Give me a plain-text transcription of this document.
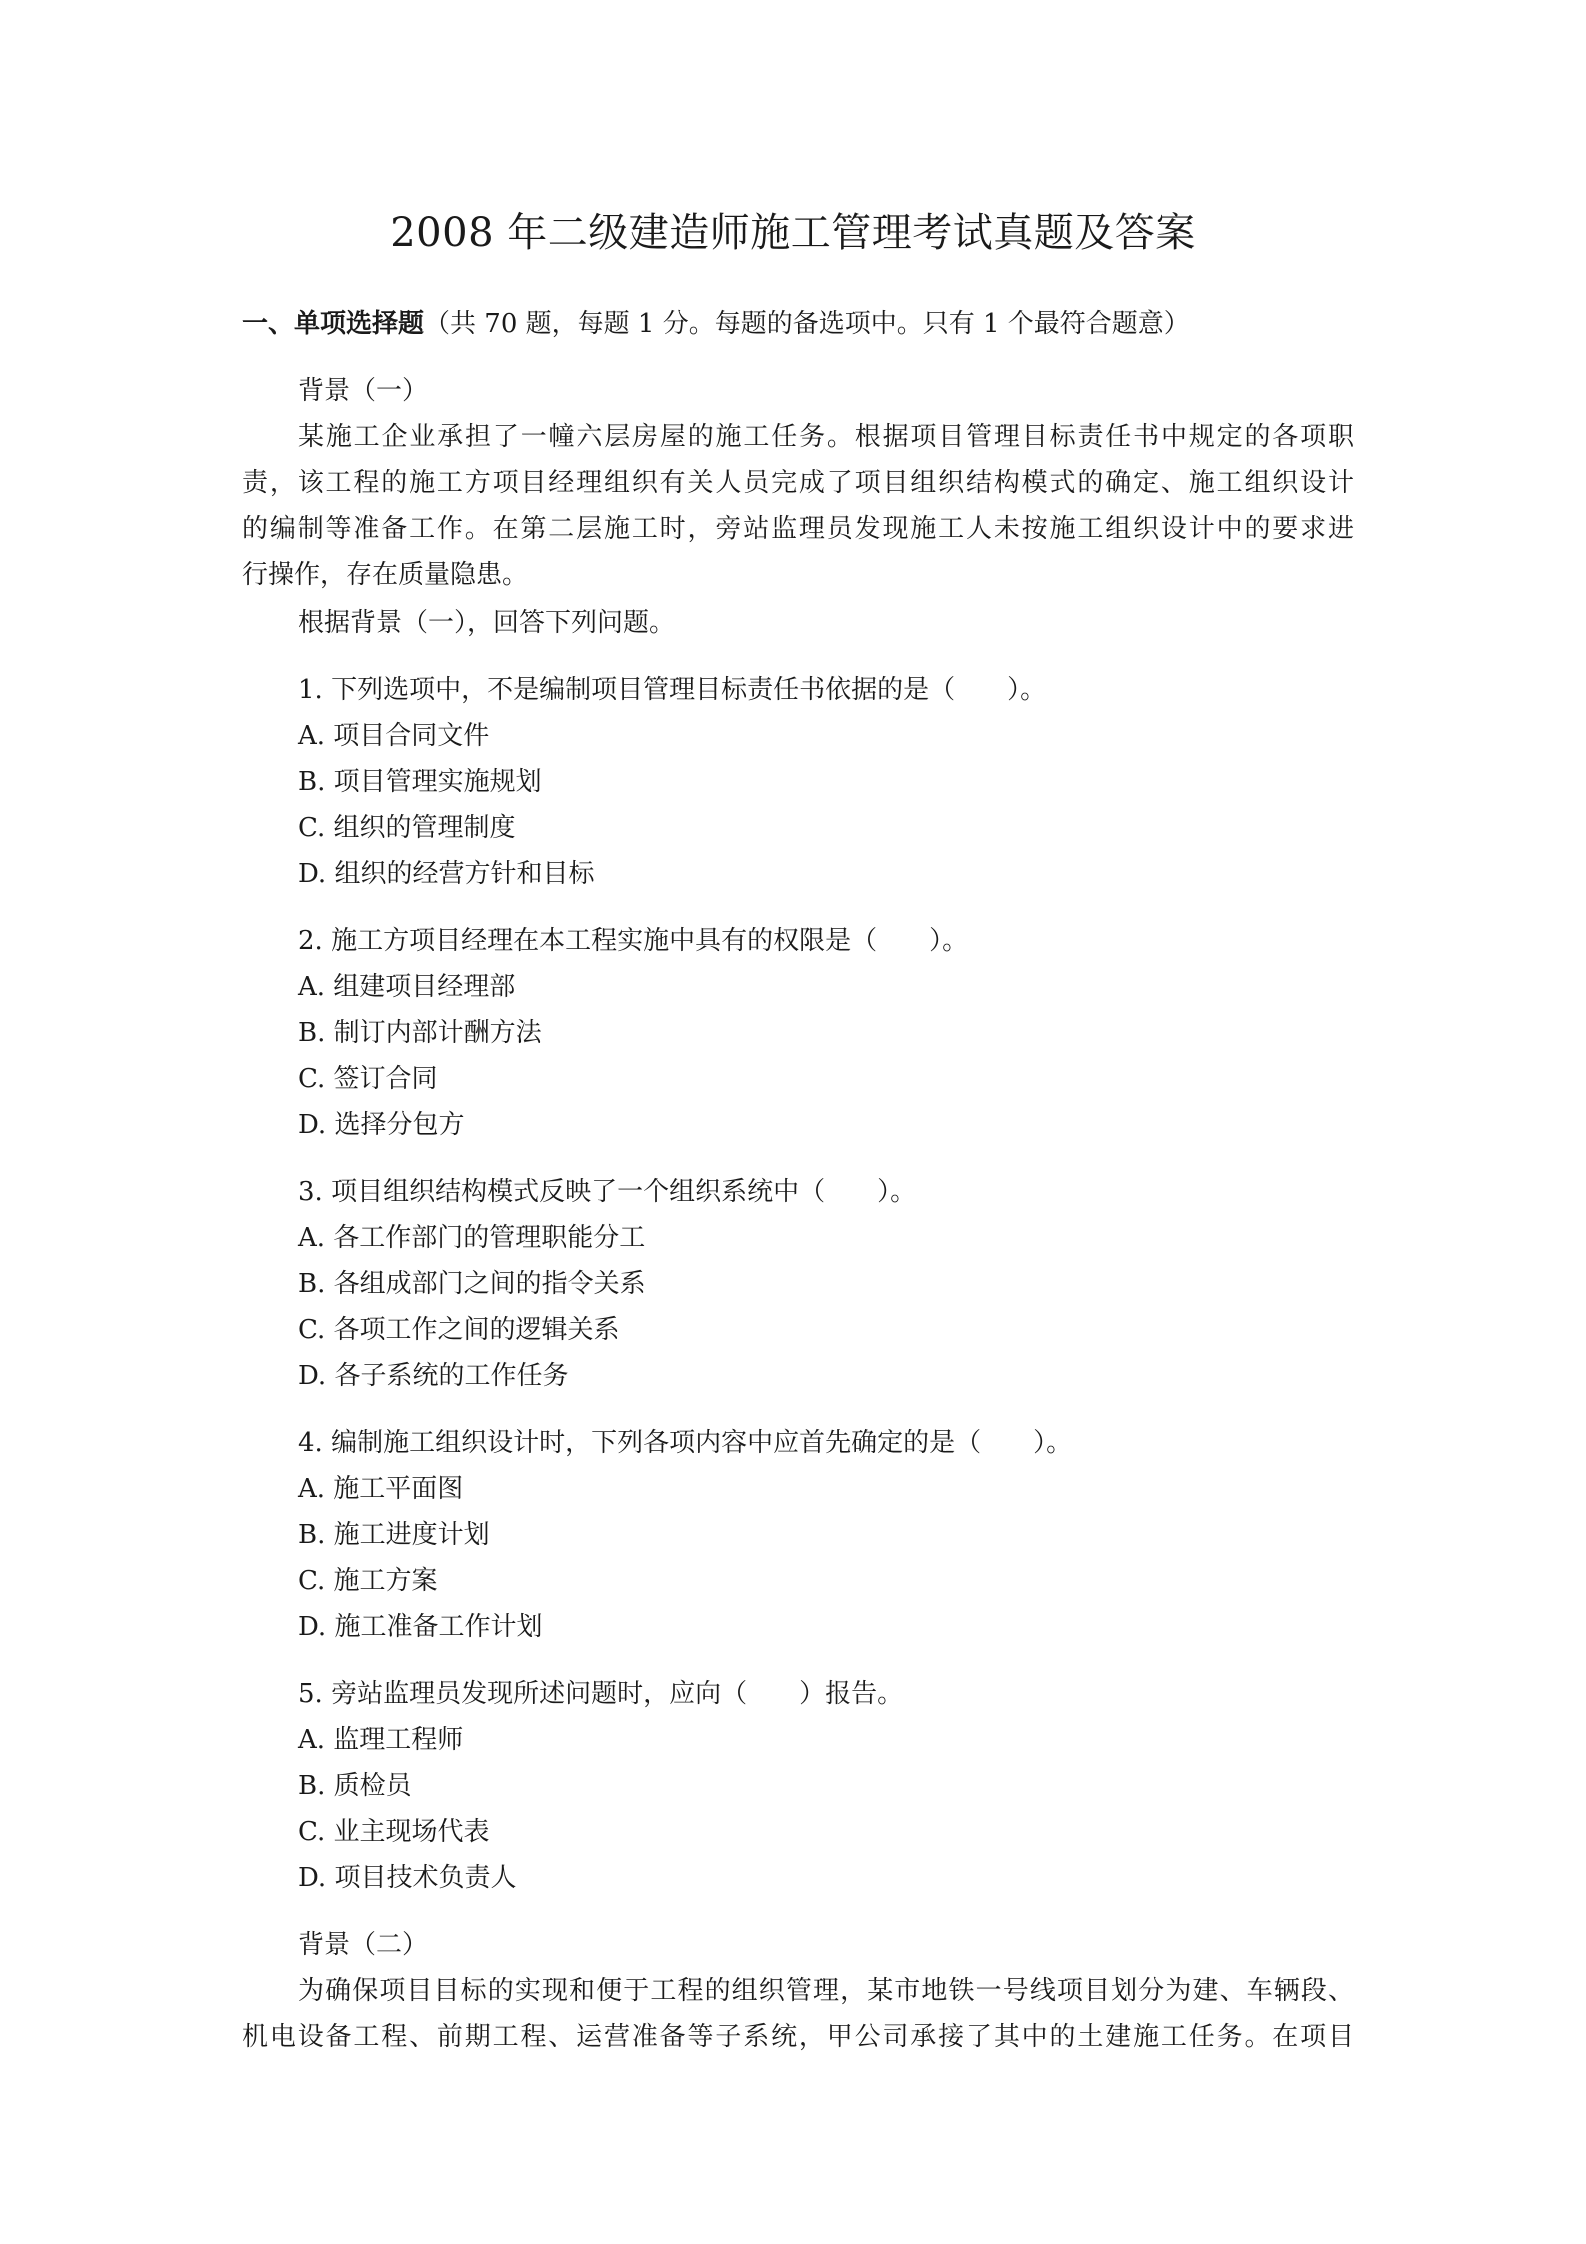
2008 年二级建造师施工管理考试真题及答案
一、单项选择题（共 70 题，每题 1 分。每题的备选项中。只有 1 个最符合题意）
背景（一）
某施工企业承担了一幢六层房屋的施工任务。根据项目管理目标责任书中规定的各项职
责，该工程的施工方项目经理组织有关人员完成了项目组织结构模式的确定、施工组织设计
的编制等准备工作。在第二层施工时，旁站监理员发现施工人未按施工组织设计中的要求进
行操作，存在质量隐患。
根据背景（一），回答下列问题。
1. 下列选项中，不是编制项目管理目标责任书依据的是（　　）。
A. 项目合同文件
B. 项目管理实施规划
C. 组织的管理制度
D. 组织的经营方针和目标
2. 施工方项目经理在本工程实施中具有的权限是（　　）。
A. 组建项目经理部
B. 制订内部计酬方法
C. 签订合同
D. 选择分包方
3. 项目组织结构模式反映了一个组织系统中（　　）。
A. 各工作部门的管理职能分工
B. 各组成部门之间的指令关系
C. 各项工作之间的逻辑关系
D. 各子系统的工作任务
4. 编制施工组织设计时，下列各项内容中应首先确定的是（　　）。
A. 施工平面图
B. 施工进度计划
C. 施工方案
D. 施工准备工作计划
5. 旁站监理员发现所述问题时，应向（　　）报告。
A. 监理工程师
B. 质检员
C. 业主现场代表
D. 项目技术负责人
背景（二）
为确保项目目标的实现和便于工程的组织管理，某市地铁一号线项目划分为建、车辆段、
机电设备工程、前期工程、运营准备等子系统，甲公司承接了其中的土建施工任务。在项目
